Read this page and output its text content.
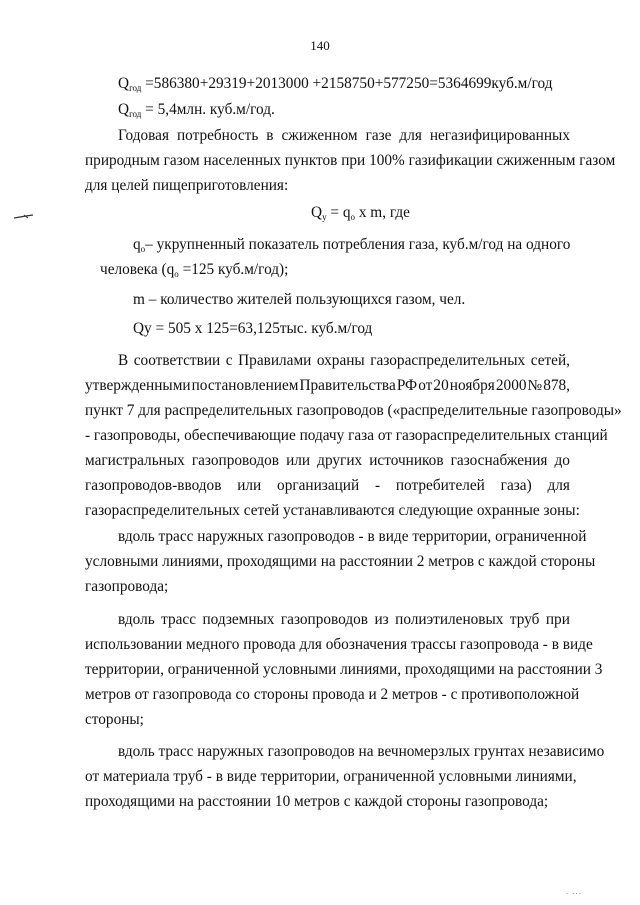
140
$Q_{год} =586380+29319+2013000 +2158750+577250=5364699куб.м/год$
$Q_{год} = 5,4млн$. куб.м/год.
Годовая потребность в сжиженном газе для негазифицированных
природным газом населенных пунктов при 100% газификации сжиженным газом
для целей пищеприготовления:
$Q_у = q_о$ x m, где
$q_о$ – укрупненный показатель потребления газа, куб.м/год на одного
человека ($q_о =125$ куб.м/год);
m – количество жителей пользующихся газом, чел.
Qу = 505 x 125=63,125тыс. куб.м/год
В соответствии с Правилами охраны газораспределительных сетей,
утвержденными постановлением Правительства РФ от 20 ноября 2000 № 878,
пункт 7 для распределительных газопроводов («распределительные газопроводы»
- газопроводы, обеспечивающие подачу газа от газораспределительных станций
магистральных газопроводов или других источников газоснабжения до
газопроводов-вводов или организаций - потребителей газа) для
газораспределительных сетей устанавливаются следующие охранные зоны:
вдоль трасс наружных газопроводов - в виде территории, ограниченной
условными линиями, проходящими на расстоянии 2 метров с каждой стороны
газопровода;
вдоль трасс подземных газопроводов из полиэтиленовых труб при
использовании медного провода для обозначения трассы газопровода - в виде
территории, ограниченной условными линиями, проходящими на расстоянии 3
метров от газопровода со стороны провода и 2 метров - с противоположной
стороны;
вдоль трасс наружных газопроводов на вечномерзлых грунтах независимо
от материала труб - в виде территории, ограниченной условными линиями,
проходящими на расстоянии 10 метров с каждой стороны газопровода;
· ···
